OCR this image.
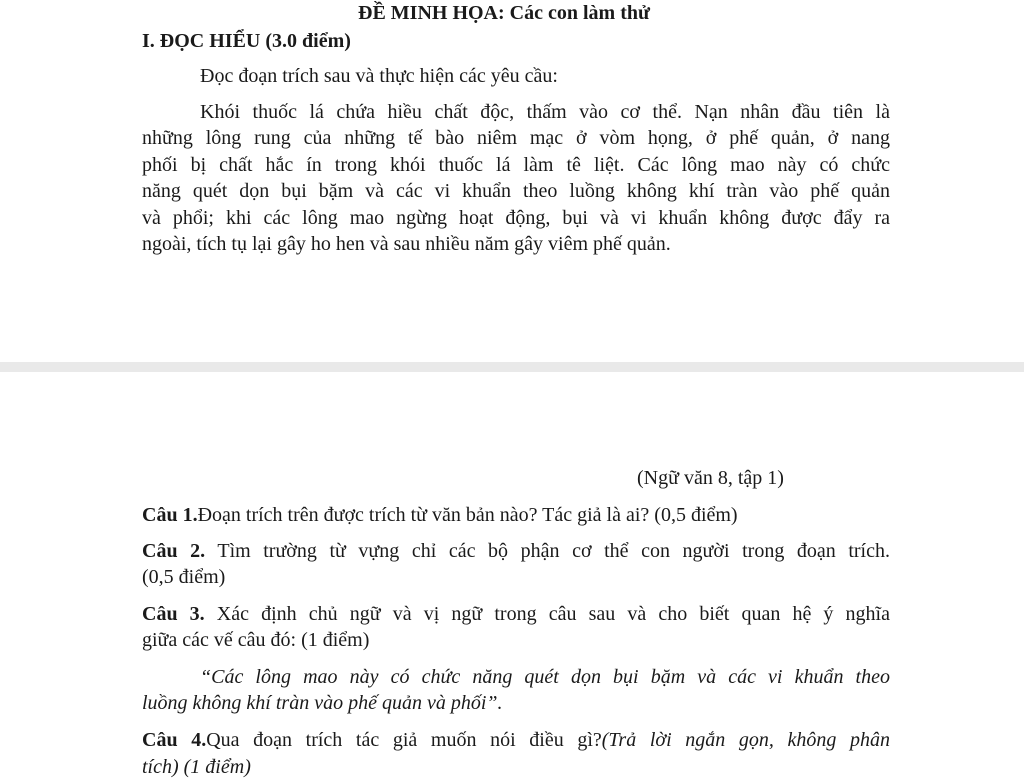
ĐỀ MINH HỌA: Các con làm thử
I. ĐỌC HIỂU (3.0 điểm)
Đọc đoạn trích sau và thực hiện các yêu cầu:
Khói thuốc lá chứa hiều chất độc, thấm vào cơ thể. Nạn nhân đầu tiên là
những lông rung của những tế bào niêm mạc ở vòm họng, ở phế quản, ở nang
phối bị chất hắc ín trong khói thuốc lá làm tê liệt. Các lông mao này có chức
năng quét dọn bụi bặm và các vi khuẩn theo luồng không khí tràn vào phế quản
và phổi; khi các lông mao ngừng hoạt động, bụi và vi khuẩn không được đẩy ra
ngoài, tích tụ lại gây ho hen và sau nhiều năm gây viêm phế quản.
(Ngữ văn 8, tập 1)
Câu 1.Đoạn trích trên được trích từ văn bản nào? Tác giả là ai? (0,5 điểm)
Câu 2. Tìm trường từ vựng chỉ các bộ phận cơ thể con người trong đoạn trích.
(0,5 điểm)
Câu 3. Xác định chủ ngữ và vị ngữ trong câu sau và cho biết quan hệ ý nghĩa
giữa các vế câu đó: (1 điểm)
“Các lông mao này có chức năng quét dọn bụi bặm và các vi khuẩn theo
luồng không khí tràn vào phế quản và phối”.
Câu 4.Qua đoạn trích tác giả muốn nói điều gì?(Trả lời ngắn gọn, không phân
tích) (1 điểm)
